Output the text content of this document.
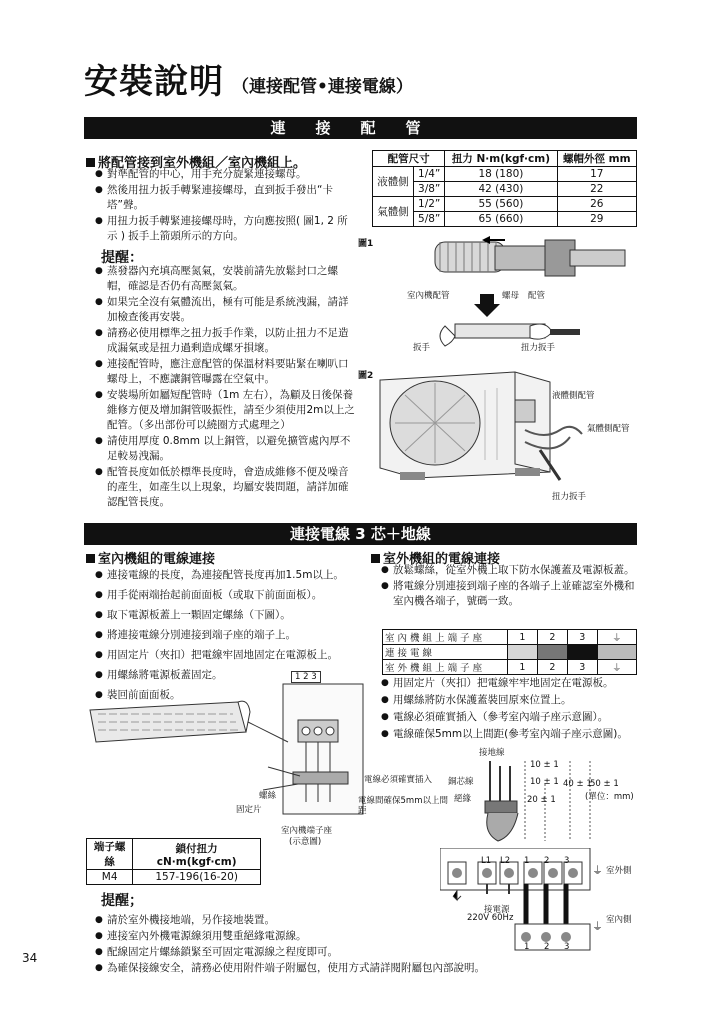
安裝說明 （連接配管•連接電線）
連接配管
將配管接到室外機組／室內機組上。
● 對準配管的中心，用手充分旋緊連接螺母。
● 然後用扭力扳手轉緊連接螺母，直到扳手發出“卡塔”聲。
● 用扭力扳手轉緊連接螺母時，方向應按照( 圖1, 2 所示 ) 扳手上箭頭所示的方向。
提醒：
● 蒸發器內充填高壓氮氣，安裝前請先放鬆封口之螺帽，確認是否仍有高壓氮氣。
● 如果完全沒有氣體流出，極有可能是系統洩漏，請詳加檢查後再安裝。
● 請務必使用標準之扭力扳手作業，以防止扭力不足造成漏氣或是扭力過剩造成螺牙損壞。
● 連接配管時，應注意配管的保溫材料要貼緊在喇叭口螺母上，不應讓銅管曝露在空氣中。
● 安裝場所如屬短配管時（1m 左右），為顧及日後保養維修方便及增加銅管吸振性，請至少須使用2m以上之配管。（多出部份可以繞圈方式處理之）
● 請使用厚度 0.8mm 以上銅管，以避免擴管處內厚不足較易洩漏。
● 配管長度如低於標準長度時，會造成維修不便及噪音的產生，如產生以上現象，均屬安裝問題，請詳加確認配管長度。
配管尺寸		扭力 N·m(kgf·cm)	螺帽外徑 mm
液體側	1/4”	18 (180)	17
	3/8”	42 (430)	22
氣體側	1/2”	55 (560)	26
	5/8”	65 (660)	29
圖1
室內機配管	螺母 配管
扳手	扭力扳手
圖2
液體側配管
氣體側配管
扭力扳手
連接電線 3 芯＋地線
室內機組的電線連接
● 連接電線的長度，為連接配管長度再加1.5m以上。
● 用手從兩端抬起前面面板（或取下前面面板）。
● 取下電源板蓋上一顆固定螺絲（下圖）。
● 將連接電線分別連接到端子座的端子上。
● 用固定片（夾扣）把電線牢固地固定在電源板上。
● 用螺絲將電源板蓋固定。
● 裝回前面面板。
1 2 3
螺絲
固定片
電線必須確實插入
電線間確保5mm以上間距
室內機端子座
(示意圖)
端子螺絲	鎖付扭力 cN·m(kgf·cm)
M4	157-196(16-20)
室外機組的電線連接
● 放鬆螺絲，從室外機上取下防水保護蓋及電源板蓋。
● 將電線分別連接到端子座的各端子上並確認室外機和室內機各端子，號碼一致。
室 內 機 組 上 端 子 座	1	2	3	⏚
連 接 電 線				
室 外 機 組 上 端 子 座	1	2	3	⏚
● 用固定片（夾扣）把電線牢牢地固定在電源板。
● 用螺絲將防水保護蓋裝回原來位置上。
● 電線必須確實插入（參考室內端子座示意圖）。
● 電線確保5mm以上間距(參考室內端子座示意圖)。
接地線
銅芯線
絕緣
10 ± 1
10 ± 1 40 ± 1
50 ± 1
20 ± 1	(單位：mm)
L1 L2 1 2 3
1 2 3
⏚
⏚
室外側
室內側
接電源
220V 60Hz
提醒；
● 請於室外機接地端，另作接地裝置。
● 連接室內外機電源線須用雙重絕緣電源線。
● 配線固定片螺絲鎖緊至可固定電源線之程度即可。
● 為確保接線安全，請務必使用附件端子附屬包，使用方式請詳閱附屬包內部說明。
34
